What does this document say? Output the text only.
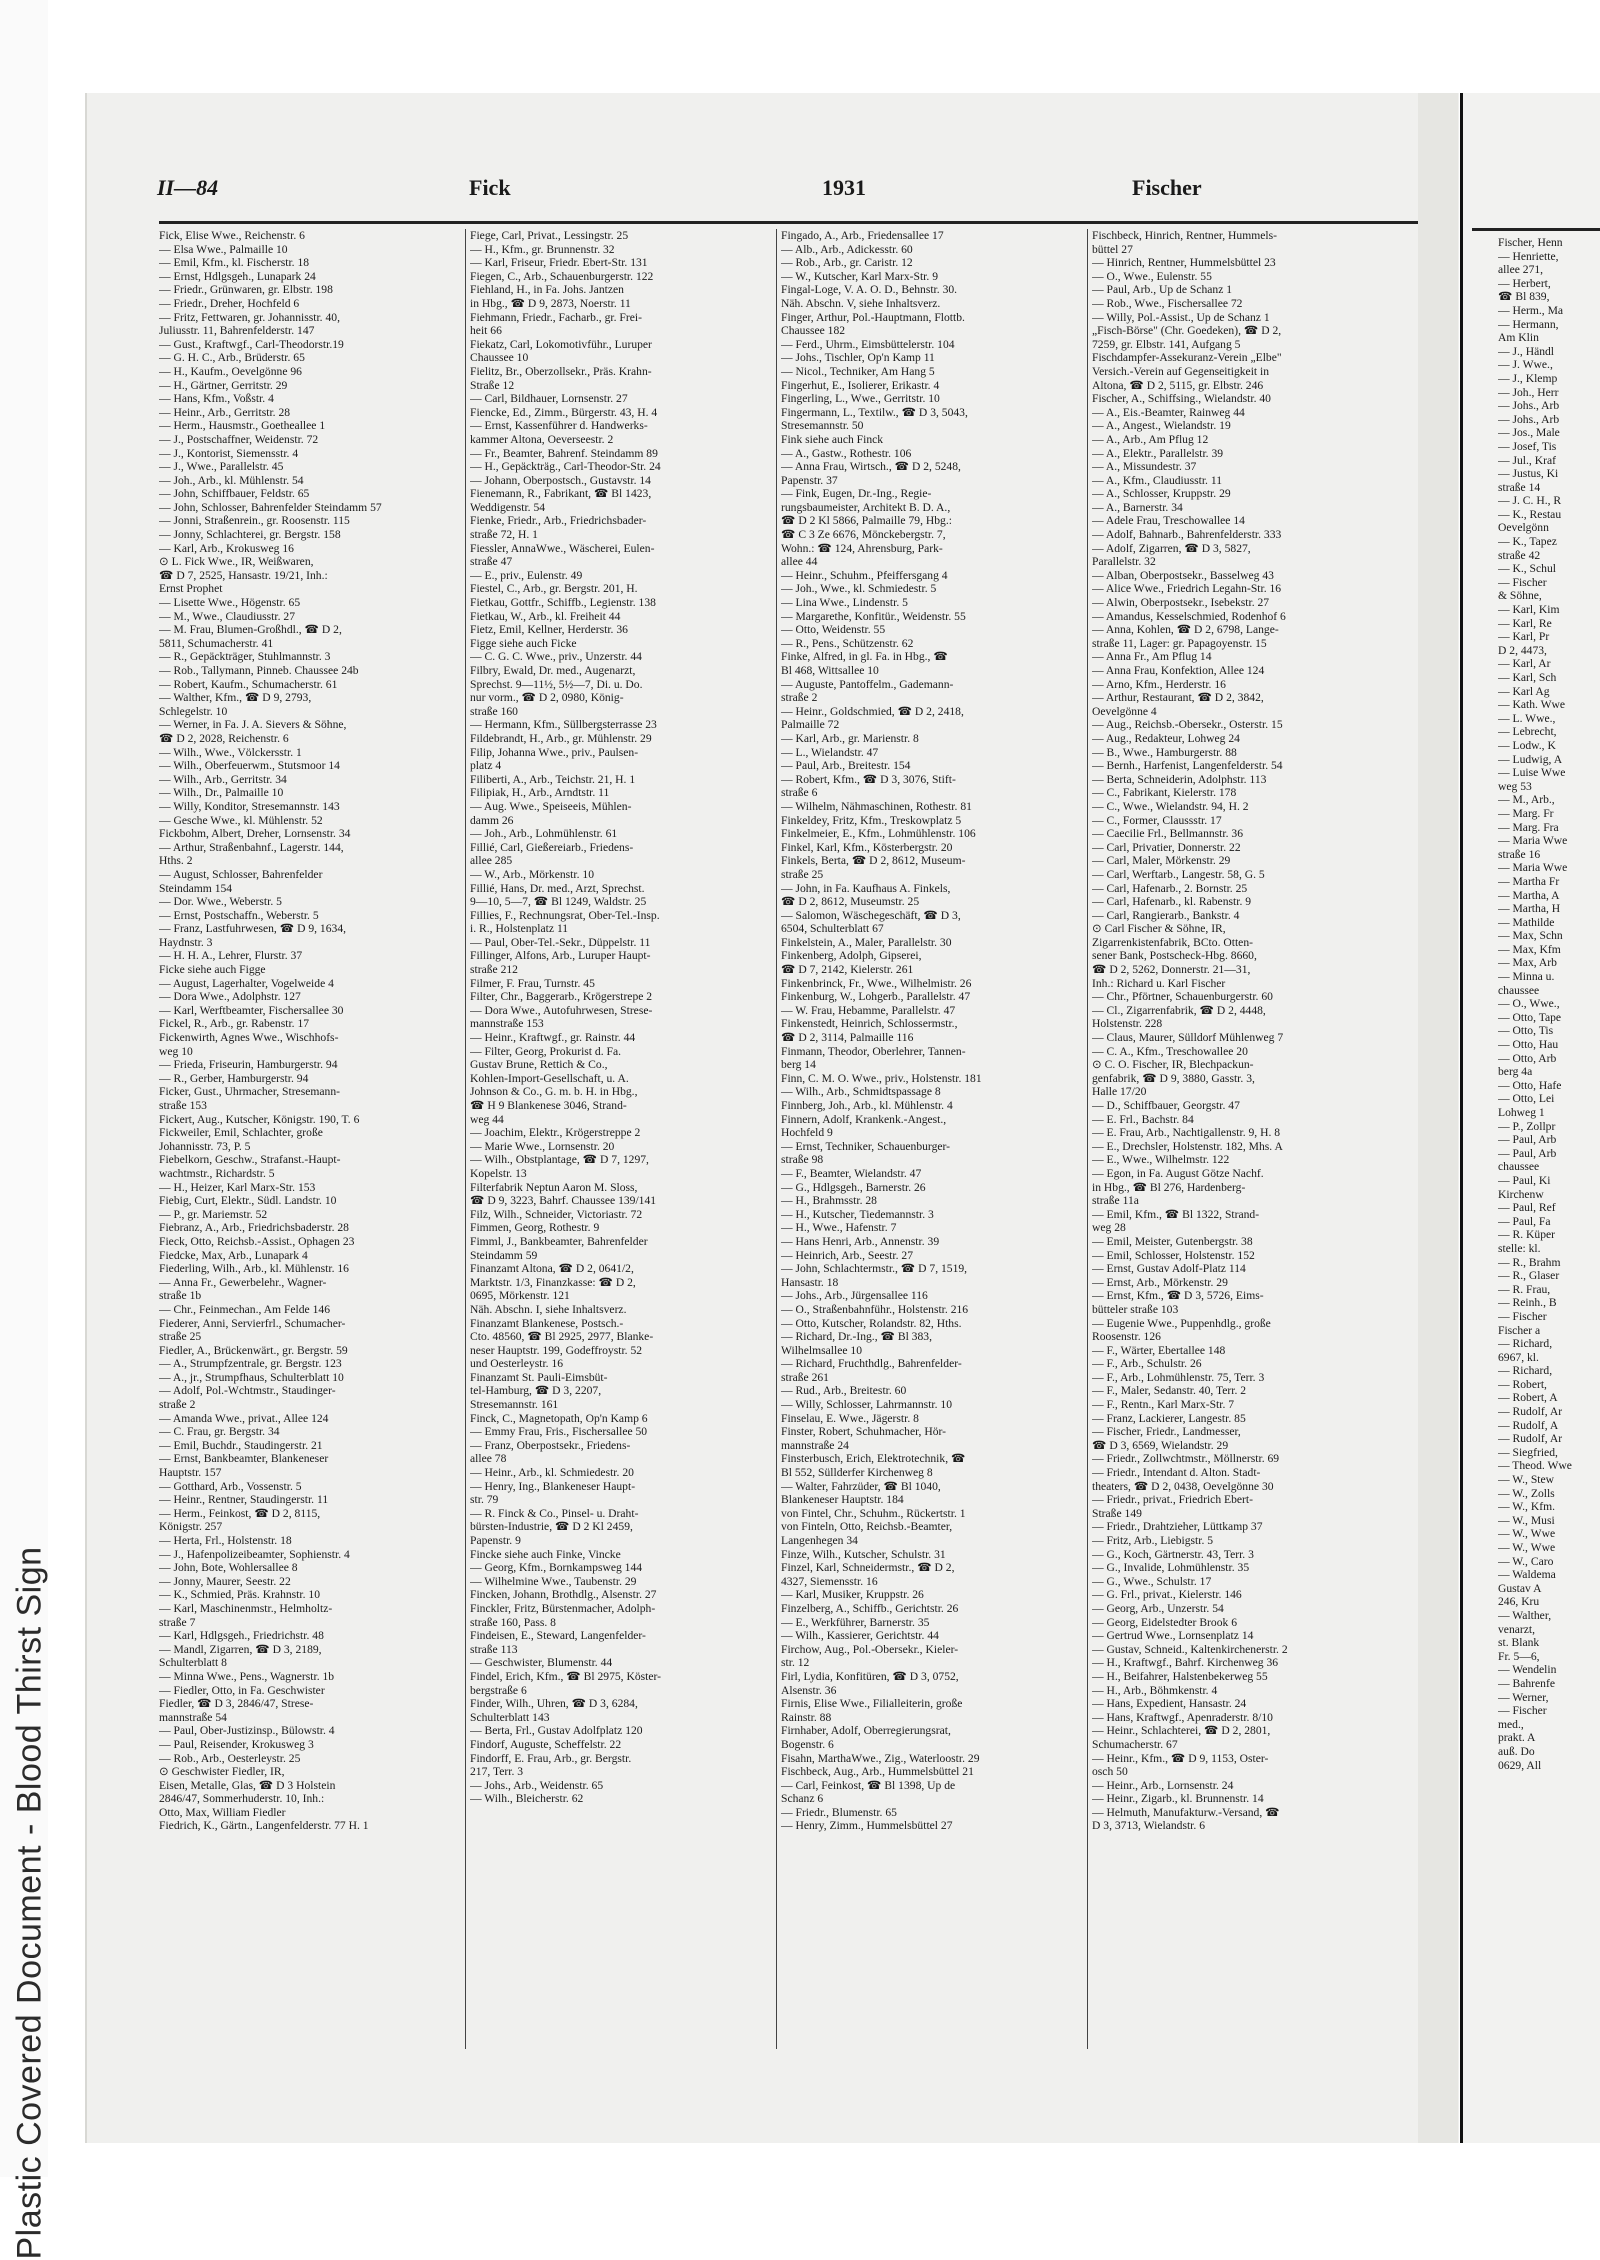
Plastic Covered Document - Blood Thirst Sign
II—84	Fick	1931	Fischer
Fick, Elise Wwe., Reichenstr. 6
— Elsa Wwe., Palmaille 10
— Emil, Kfm., kl. Fischerstr. 18
— Ernst, Hdlgsgeh., Lunapark 24
— Friedr., Grünwaren, gr. Elbstr. 198
— Friedr., Dreher, Hochfeld 6
— Fritz, Fettwaren, gr. Johannisstr. 40,
Juliusstr. 11, Bahrenfelderstr. 147
— Gust., Kraftwgf., Carl-Theodorstr.19
— G. H. C., Arb., Brüderstr. 65
— H., Kaufm., Oevelgönne 96
— H., Gärtner, Gerritstr. 29
— Hans, Kfm., Voßstr. 4
— Heinr., Arb., Gerritstr. 28
— Herm., Hausmstr., Goetheallee 1
— J., Postschaffner, Weidenstr. 72
— J., Kontorist, Siemensstr. 4
— J., Wwe., Parallelstr. 45
— Joh., Arb., kl. Mühlenstr. 54
— John, Schiffbauer, Feldstr. 65
— John, Schlosser, Bahrenfelder Steindamm 57
— Jonni, Straßenrein., gr. Roosenstr. 115
— Jonny, Schlachterei, gr. Bergstr. 158
— Karl, Arb., Krokusweg 16
⊙ L. Fick Wwe., IR, Weißwaren,
☎ D 7, 2525, Hansastr. 19/21, Inh.:
Ernst Prophet
— Lisette Wwe., Högenstr. 65
— M., Wwe., Claudiusstr. 27
— M. Frau, Blumen-Großhdl., ☎ D 2,
5811, Schumacherstr. 41
— R., Gepäckträger, Stuhlmannstr. 3
— Rob., Tallymann, Pinneb. Chaussee 24b
— Robert, Kaufm., Schumacherstr. 61
— Walther, Kfm., ☎ D 9, 2793,
Schlegelstr. 10
— Werner, in Fa. J. A. Sievers & Söhne,
☎ D 2, 2028, Reichenstr. 6
— Wilh., Wwe., Völckersstr. 1
— Wilh., Oberfeuerwm., Stutsmoor 14
— Wilh., Arb., Gerritstr. 34
— Wilh., Dr., Palmaille 10
— Willy, Konditor, Stresemannstr. 143
— Gesche Wwe., kl. Mühlenstr. 52
Fickbohm, Albert, Dreher, Lornsenstr. 34
— Arthur, Straßenbahnf., Lagerstr. 144,
Hths. 2
— August, Schlosser, Bahrenfelder
Steindamm 154
— Dor. Wwe., Weberstr. 5
— Ernst, Postschaffn., Weberstr. 5
— Franz, Lastfuhrwesen, ☎ D 9, 1634,
Haydnstr. 3
— H. H. A., Lehrer, Flurstr. 37
Ficke siehe auch Figge
— August, Lagerhalter, Vogelweide 4
— Dora Wwe., Adolphstr. 127
— Karl, Werftbeamter, Fischersallee 30
Fickel, R., Arb., gr. Rabenstr. 17
Fickenwirth, Agnes Wwe., Wischhofs-
weg 10
— Frieda, Friseurin, Hamburgerstr. 94
— R., Gerber, Hamburgerstr. 94
Ficker, Gust., Uhrmacher, Stresemann-
straße 153
Fickert, Aug., Kutscher, Königstr. 190, T. 6
Fickweiler, Emil, Schlachter, große
Johannisstr. 73, P. 5
Fiebelkorn, Geschw., Strafanst.-Haupt-
wachtmstr., Richardstr. 5
— H., Heizer, Karl Marx-Str. 153
Fiebig, Curt, Elektr., Südl. Landstr. 10
— P., gr. Mariemstr. 52
Fiebranz, A., Arb., Friedrichsbaderstr. 28
Fieck, Otto, Reichsb.-Assist., Ophagen 23
Fiedcke, Max, Arb., Lunapark 4
Fiederling, Wilh., Arb., kl. Mühlenstr. 16
— Anna Fr., Gewerbelehr., Wagner-
straße 1b
— Chr., Feinmechan., Am Felde 146
Fiederer, Anni, Servierfrl., Schumacher-
straße 25
Fiedler, A., Brückenwärt., gr. Bergstr. 59
— A., Strumpfzentrale, gr. Bergstr. 123
— A., jr., Strumpfhaus, Schulterblatt 10
— Adolf, Pol.-Wchtmstr., Staudinger-
straße 2
— Amanda Wwe., privat., Allee 124
— C. Frau, gr. Bergstr. 34
— Emil, Buchdr., Staudingerstr. 21
— Ernst, Bankbeamter, Blankeneser
Hauptstr. 157
— Gotthard, Arb., Vossenstr. 5
— Heinr., Rentner, Staudingerstr. 11
— Herm., Feinkost, ☎ D 2, 8115,
Königstr. 257
— Herta, Frl., Holstenstr. 18
— J., Hafenpolizeibeamter, Sophienstr. 4
— John, Bote, Wohlersallee 8
— Jonny, Maurer, Seestr. 22
— K., Schmied, Präs. Krahnstr. 10
— Karl, Maschinenmstr., Helmholtz-
straße 7
— Karl, Hdlgsgeh., Friedrichstr. 48
— Mandl, Zigarren, ☎ D 3, 2189,
Schulterblatt 8
— Minna Wwe., Pens., Wagnerstr. 1b
— Fiedler, Otto, in Fa. Geschwister
Fiedler, ☎ D 3, 2846/47, Strese-
mannstraße 54
— Paul, Ober-Justizinsp., Bülowstr. 4
— Paul, Reisender, Krokusweg 3
— Rob., Arb., Oesterleystr. 25
⊙ Geschwister Fiedler, IR,
Eisen, Metalle, Glas, ☎ D 3 Holstein
2846/47, Sommerhuderstr. 10, Inh.:
Otto, Max, William Fiedler
Fiedrich, K., Gärtn., Langenfelderstr. 77 H. 1
Fiege, Carl, Privat., Lessingstr. 25
— H., Kfm., gr. Brunnenstr. 32
— Karl, Friseur, Friedr. Ebert-Str. 131
Fiegen, C., Arb., Schauenburgerstr. 122
Fiehland, H., in Fa. Johs. Jantzen
in Hbg., ☎ D 9, 2873, Noerstr. 11
Fiehmann, Friedr., Facharb., gr. Frei-
heit 66
Fiekatz, Carl, Lokomotivführ., Luruper
Chaussee 10
Fielitz, Br., Oberzollsekr., Präs. Krahn-
Straße 12
— Carl, Bildhauer, Lornsenstr. 27
Fiencke, Ed., Zimm., Bürgerstr. 43, H. 4
— Ernst, Kassenführer d. Handwerks-
kammer Altona, Oeverseestr. 2
— Fr., Beamter, Bahrenf. Steindamm 89
— H., Gepäckträg., Carl-Theodor-Str. 24
— Johann, Oberpostsch., Gustavstr. 14
Fienemann, R., Fabrikant, ☎ Bl 1423,
Weddigenstr. 54
Fienke, Friedr., Arb., Friedrichsbader-
straße 72, H. 1
Fiessler, AnnaWwe., Wäscherei, Eulen-
straße 47
— E., priv., Eulenstr. 49
Fiestel, C., Arb., gr. Bergstr. 201, H.
Fietkau, Gottfr., Schiffb., Legienstr. 138
Fietkau, W., Arb., kl. Freiheit 44
Fietz, Emil, Kellner, Herderstr. 36
Figge siehe auch Ficke
— C. G. C. Wwe., priv., Unzerstr. 44
Filbry, Ewald, Dr. med., Augenarzt,
Sprechst. 9—11½, 5½—7, Di. u. Do.
nur vorm., ☎ D 2, 0980, König-
straße 160
— Hermann, Kfm., Süllbergsterrasse 23
Fildebrandt, H., Arb., gr. Mühlenstr. 29
Filip, Johanna Wwe., priv., Paulsen-
platz 4
Filiberti, A., Arb., Teichstr. 21, H. 1
Filipiak, H., Arb., Arndtstr. 11
— Aug. Wwe., Speiseeis, Mühlen-
damm 26
— Joh., Arb., Lohmühlenstr. 61
Fillié, Carl, Gießereiarb., Friedens-
allee 285
— W., Arb., Mörkenstr. 10
Fillié, Hans, Dr. med., Arzt, Sprechst.
9—10, 5—7, ☎ Bl 1249, Waldstr. 25
Fillies, F., Rechnungsrat, Ober-Tel.-Insp.
i. R., Holstenplatz 11
— Paul, Ober-Tel.-Sekr., Düppelstr. 11
Fillinger, Alfons, Arb., Luruper Haupt-
straße 212
Filmer, F. Frau, Turnstr. 45
Filter, Chr., Baggerarb., Krögerstrepe 2
— Dora Wwe., Autofuhrwesen, Strese-
mannstraße 153
— Heinr., Kraftwgf., gr. Rainstr. 44
— Filter, Georg, Prokurist d. Fa.
Gustav Brune, Rettich & Co.,
Kohlen-Import-Gesellschaft, u. A.
Johnson & Co., G. m. b. H. in Hbg.,
☎ H 9 Blankenese 3046, Strand-
weg 44
— Joachim, Elektr., Krögerstreppe 2
— Marie Wwe., Lornsenstr. 20
— Wilh., Obstplantage, ☎ D 7, 1297,
Kopelstr. 13
Filterfabrik Neptun Aaron M. Sloss,
☎ D 9, 3223, Bahrf. Chaussee 139/141
Filz, Wilh., Schneider, Victoriastr. 72
Fimmen, Georg, Rothestr. 9
Fimml, J., Bankbeamter, Bahrenfelder
Steindamm 59
Finanzamt Altona, ☎ D 2, 0641/2,
Marktstr. 1/3, Finanzkasse: ☎ D 2,
0695, Mörkenstr. 121
Näh. Abschn. I, siehe Inhaltsverz.
Finanzamt Blankenese, Postsch.-
Cto. 48560, ☎ Bl 2925, 2977, Blanke-
neser Hauptstr. 199, Godeffroystr. 52
und Oesterleystr. 16
Finanzamt St. Pauli-Eimsbüt-
tel-Hamburg, ☎ D 3, 2207,
Stresemannstr. 161
Finck, C., Magnetopath, Op'n Kamp 6
— Emmy Frau, Fris., Fischersallee 50
— Franz, Oberpostsekr., Friedens-
allee 78
— Heinr., Arb., kl. Schmiedestr. 20
— Henry, Ing., Blankeneser Haupt-
str. 79
— R. Finck & Co., Pinsel- u. Draht-
bürsten-Industrie, ☎ D 2 Kl 2459,
Papenstr. 9
Fincke siehe auch Finke, Vincke
— Georg, Kfm., Bornkampsweg 144
— Wilhelmine Wwe., Taubenstr. 29
Fincken, Johann, Brothdlg., Alsenstr. 27
Finckler, Fritz, Bürstenmacher, Adolph-
straße 160, Pass. 8
Findeisen, E., Steward, Langenfelder-
straße 113
— Geschwister, Blumenstr. 44
Findel, Erich, Kfm., ☎ Bl 2975, Köster-
bergstraße 6
Finder, Wilh., Uhren, ☎ D 3, 6284,
Schulterblatt 143
— Berta, Frl., Gustav Adolfplatz 120
Findorf, Auguste, Scheffelstr. 22
Findorff, E. Frau, Arb., gr. Bergstr.
217, Terr. 3
— Johs., Arb., Weidenstr. 65
— Wilh., Bleicherstr. 62
Fingado, A., Arb., Friedensallee 17
— Alb., Arb., Adickesstr. 60
— Rob., Arb., gr. Caristr. 12
— W., Kutscher, Karl Marx-Str. 9
Fingal-Loge, V. A. O. D., Behnstr. 30.
Näh. Abschn. V, siehe Inhaltsverz.
Finger, Arthur, Pol.-Hauptmann, Flottb.
Chaussee 182
— Ferd., Uhrm., Eimsbüttelerstr. 104
— Johs., Tischler, Op'n Kamp 11
— Nicol., Techniker, Am Hang 5
Fingerhut, E., Isolierer, Erikastr. 4
Fingerling, L., Wwe., Gerritstr. 10
Fingermann, L., Textilw., ☎ D 3, 5043,
Stresemannstr. 50
Fink siehe auch Finck
— A., Gastw., Rothestr. 106
— Anna Frau, Wirtsch., ☎ D 2, 5248,
Papenstr. 37
— Fink, Eugen, Dr.-Ing., Regie-
rungsbaumeister, Architekt B. D. A.,
☎ D 2 Kl 5866, Palmaille 79, Hbg.:
☎ C 3 Ze 6676, Mönckebergstr. 7,
Wohn.: ☎ 124, Ahrensburg, Park-
allee 44
— Heinr., Schuhm., Pfeiffersgang 4
— Joh., Wwe., kl. Schmiedestr. 5
— Lina Wwe., Lindenstr. 5
— Margarethe, Konfitür., Weidenstr. 55
— Otto, Weidenstr. 55
— R., Pens., Schützenstr. 62
Finke, Alfred, in gl. Fa. in Hbg., ☎
Bl 468, Wittsallee 10
— Auguste, Pantoffelm., Gademann-
straße 2
— Heinr., Goldschmied, ☎ D 2, 2418,
Palmaille 72
— Karl, Arb., gr. Marienstr. 8
— L., Wielandstr. 47
— Paul, Arb., Breitestr. 154
— Robert, Kfm., ☎ D 3, 3076, Stift-
straße 6
— Wilhelm, Nähmaschinen, Rothestr. 81
Finkeldey, Fritz, Kfm., Treskowplatz 5
Finkelmeier, E., Kfm., Lohmühlenstr. 106
Finkel, Karl, Kfm., Kösterbergstr. 20
Finkels, Berta, ☎ D 2, 8612, Museum-
straße 25
— John, in Fa. Kaufhaus A. Finkels,
☎ D 2, 8612, Museumstr. 25
— Salomon, Wäschegeschäft, ☎ D 3,
6504, Schulterblatt 67
Finkelstein, A., Maler, Parallelstr. 30
Finkenberg, Adolph, Gipserei,
☎ D 7, 2142, Kielerstr. 261
Finkenbrinck, Fr., Wwe., Wilhelmistr. 26
Finkenburg, W., Lohgerb., Parallelstr. 47
— W. Frau, Hebamme, Parallelstr. 47
Finkenstedt, Heinrich, Schlossermstr.,
☎ D 2, 3114, Palmaille 116
Finmann, Theodor, Oberlehrer, Tannen-
berg 14
Finn, C. M. O. Wwe., priv., Holstenstr. 181
— Wilh., Arb., Schmidtspassage 8
Finnberg, Joh., Arb., kl. Mühlenstr. 4
Finnern, Adolf, Krankenk.-Angest.,
Hochfeld 9
— Ernst, Techniker, Schauenburger-
straße 98
— F., Beamter, Wielandstr. 47
— G., Hdlgsgeh., Barnerstr. 26
— H., Brahmsstr. 28
— H., Kutscher, Tiedemannstr. 3
— H., Wwe., Hafenstr. 7
— Hans Henri, Arb., Annenstr. 39
— Heinrich, Arb., Seestr. 27
— John, Schlachtermstr., ☎ D 7, 1519,
Hansastr. 18
— Johs., Arb., Jürgensallee 116
— O., Straßenbahnführ., Holstenstr. 216
— Otto, Kutscher, Rolandstr. 82, Hths.
— Richard, Dr.-Ing., ☎ Bl 383,
Wilhelmsallee 10
— Richard, Fruchthdlg., Bahrenfelder-
straße 261
— Rud., Arb., Breitestr. 60
— Willy, Schlosser, Lahrmannstr. 10
Finselau, E. Wwe., Jägerstr. 8
Finster, Robert, Schuhmacher, Hör-
mannstraße 24
Finsterbusch, Erich, Elektrotechnik, ☎
Bl 552, Süllderfer Kirchenweg 8
— Walter, Fahrzüder, ☎ Bl 1040,
Blankeneser Hauptstr. 184
von Fintel, Chr., Schuhm., Rückertstr. 1
von Finteln, Otto, Reichsb.-Beamter,
Langenhegen 34
Finze, Wilh., Kutscher, Schulstr. 31
Finzel, Karl, Schneidermstr., ☎ D 2,
4327, Siemensstr. 16
— Karl, Musiker, Kruppstr. 26
Finzelberg, A., Schiffb., Gerichtstr. 26
— E., Werkführer, Barnerstr. 35
— Wilh., Kassierer, Gerichtstr. 44
Firchow, Aug., Pol.-Obersekr., Kieler-
str. 12
Firl, Lydia, Konfitüren, ☎ D 3, 0752,
Alsenstr. 36
Firnis, Elise Wwe., Filialleiterin, große
Rainstr. 88
Firnhaber, Adolf, Oberregierungsrat,
Bogenstr. 6
Fisahn, MarthaWwe., Zig., Waterloostr. 29
Fischbeck, Aug., Arb., Hummelsbüttel 21
— Carl, Feinkost, ☎ Bl 1398, Up de
Schanz 6
— Friedr., Blumenstr. 65
— Henry, Zimm., Hummelsbüttel 27
Fischbeck, Hinrich, Rentner, Hummels-
büttel 27
— Hinrich, Rentner, Hummelsbüttel 23
— O., Wwe., Eulenstr. 55
— Paul, Arb., Up de Schanz 1
— Rob., Wwe., Fischersallee 72
— Willy, Pol.-Assist., Up de Schanz 1
„Fisch-Börse" (Chr. Goedeken), ☎ D 2,
7259, gr. Elbstr. 141, Aufgang 5
Fischdampfer-Assekuranz-Verein „Elbe"
Versich.-Verein auf Gegenseitigkeit in
Altona, ☎ D 2, 5115, gr. Elbstr. 246
Fischer, A., Schiffsing., Wielandstr. 40
— A., Eis.-Beamter, Rainweg 44
— A., Angest., Wielandstr. 19
— A., Arb., Am Pflug 12
— A., Elektr., Parallelstr. 39
— A., Missundestr. 37
— A., Kfm., Claudiusstr. 11
— A., Schlosser, Kruppstr. 29
— A., Barnerstr. 34
— Adele Frau, Treschowallee 14
— Adolf, Bahnarb., Bahrenfelderstr. 333
— Adolf, Zigarren, ☎ D 3, 5827,
Parallelstr. 32
— Alban, Oberpostsekr., Basselweg 43
— Alice Wwe., Friedrich Legahn-Str. 16
— Alwin, Oberpostsekr., Isebekstr. 27
— Amandus, Kesselschmied, Rodenhof 6
— Anna, Kohlen, ☎ D 2, 6798, Lange-
straße 11, Lager: gr. Papagoyenstr. 15
— Anna Fr., Am Pflug 14
— Anna Frau, Konfektion, Allee 124
— Arno, Kfm., Herderstr. 16
— Arthur, Restaurant, ☎ D 2, 3842,
Oevelgönne 4
— Aug., Reichsb.-Obersekr., Osterstr. 15
— Aug., Redakteur, Lohweg 24
— B., Wwe., Hamburgerstr. 88
— Bernh., Harfenist, Langenfelderstr. 54
— Berta, Schneiderin, Adolphstr. 113
— C., Fabrikant, Kielerstr. 178
— C., Wwe., Wielandstr. 94, H. 2
— C., Former, Claussstr. 17
— Caecilie Frl., Bellmannstr. 36
— Carl, Privatier, Donnerstr. 22
— Carl, Maler, Mörkenstr. 29
— Carl, Werftarb., Langestr. 58, G. 5
— Carl, Hafenarb., 2. Bornstr. 25
— Carl, Hafenarb., kl. Rabenstr. 9
— Carl, Rangierarb., Bankstr. 4
⊙ Carl Fischer & Söhne, IR,
Zigarrenkistenfabrik, BCto. Otten-
sener Bank, Postscheck-Hbg. 8660,
☎ D 2, 5262, Donnerstr. 21—31,
Inh.: Richard u. Karl Fischer
— Chr., Pförtner, Schauenburgerstr. 60
— Cl., Zigarrenfabrik, ☎ D 2, 4448,
Holstenstr. 228
— Claus, Maurer, Sülldorf Mühlenweg 7
— C. A., Kfm., Treschowallee 20
⊙ C. O. Fischer, IR, Blechpackun-
genfabrik, ☎ D 9, 3880, Gasstr. 3,
Halle 17/20
— D., Schiffbauer, Georgstr. 47
— E. Frl., Bachstr. 84
— E. Frau, Arb., Nachtigallenstr. 9, H. 8
— E., Drechsler, Holstenstr. 182, Mhs. A
— E., Wwe., Wilhelmstr. 122
— Egon, in Fa. August Götze Nachf.
in Hbg., ☎ Bl 276, Hardenberg-
straße 11a
— Emil, Kfm., ☎ Bl 1322, Strand-
weg 28
— Emil, Meister, Gutenbergstr. 38
— Emil, Schlosser, Holstenstr. 152
— Ernst, Gustav Adolf-Platz 114
— Ernst, Arb., Mörkenstr. 29
— Ernst, Kfm., ☎ D 3, 5726, Eims-
bütteler straße 103
— Eugenie Wwe., Puppenhdlg., große
Roosenstr. 126
— F., Wärter, Ebertallee 148
— F., Arb., Schulstr. 26
— F., Arb., Lohmühlenstr. 75, Terr. 3
— F., Maler, Sedanstr. 40, Terr. 2
— F., Rentn., Karl Marx-Str. 7
— Franz, Lackierer, Langestr. 85
— Fischer, Friedr., Landmesser,
☎ D 3, 6569, Wielandstr. 29
— Friedr., Zollwchtmstr., Möllnerstr. 69
— Friedr., Intendant d. Alton. Stadt-
theaters, ☎ D 2, 0438, Oevelgönne 30
— Friedr., privat., Friedrich Ebert-
Straße 149
— Friedr., Drahtzieher, Lüttkamp 37
— Fritz, Arb., Liebigstr. 5
— G., Koch, Gärtnerstr. 43, Terr. 3
— G., Invalide, Lohmühlenstr. 35
— G., Wwe., Schulstr. 17
— G. Frl., privat., Kielerstr. 146
— Georg, Arb., Unzerstr. 54
— Georg, Eidelstedter Brook 6
— Gertrud Wwe., Lornsenplatz 14
— Gustav, Schneid., Kaltenkirchenerstr. 2
— H., Kraftwgf., Bahrf. Kirchenweg 36
— H., Beifahrer, Halstenbekerweg 55
— H., Arb., Böhmkenstr. 4
— Hans, Expedient, Hansastr. 24
— Hans, Kraftwgf., Apenraderstr. 8/10
— Heinr., Schlachterei, ☎ D 2, 2801,
Schumacherstr. 67
— Heinr., Kfm., ☎ D 9, 1153, Oster-
osch 50
— Heinr., Arb., Lornsenstr. 24
— Heinr., Zigarb., kl. Brunnenstr. 14
— Helmuth, Manufakturw.-Versand, ☎
D 3, 3713, Wielandstr. 6
Fischer, Henn
— Henriette,
allee 271,
— Herbert,
☎ Bl 839,
— Herm., Ma
— Hermann,
Am Klin
— J., Händl
— J. Wwe.,
— J., Klemp
— Joh., Herr
— Johs., Arb
— Johs., Arb
— Jos., Male
— Josef, Tis
— Jul., Kraf
— Justus, Ki
straße 14
— J. C. H., R
— K., Restau
Oevelgönn
— K., Tapez
straße 42
— K., Schul
— Fischer
& Söhne,
— Karl, Kim
— Karl, Re
— Karl, Pr
D 2, 4473,
— Karl, Ar
— Karl, Sch
— Karl Ag
— Kath. Wwe
— L. Wwe.,
— Lebrecht,
— Lodw., K
— Ludwig, A
— Luise Wwe
weg 53
— M., Arb.,
— Marg. Fr
— Marg. Fra
— Maria Wwe
straße 16
— Maria Wwe
— Martha Fr
— Martha, A
— Martha, H
— Mathilde
— Max, Schn
— Max, Kfm
— Max, Arb
— Minna u.
chaussee
— O., Wwe.,
— Otto, Tape
— Otto, Tis
— Otto, Hau
— Otto, Arb
berg 4a
— Otto, Hafe
— Otto, Lei
Lohweg 1
— P., Zollpr
— Paul, Arb
— Paul, Arb
chaussee
— Paul, Ki
Kirchenw
— Paul, Ref
— Paul, Fa
— R. Küper
stelle: kl.
— R., Brahm
— R., Glaser
— R. Frau,
— Reinh., B
— Fischer
Fischer a
— Richard,
6967, kl.
— Richard,
— Robert,
— Robert, A
— Rudolf, Ar
— Rudolf, A
— Rudolf, Ar
— Siegfried,
— Theod. Wwe
— W., Stew
— W., Zolls
— W., Kfm.
— W., Musi
— W., Wwe
— W., Wwe
— W., Caro
— Waldema
Gustav A
246, Kru
— Walther,
venarzt,
st. Blank
Fr. 5—6,
— Wendelin
— Bahrenfe
— Werner,
— Fischer
med.,
prakt. A
auß. Do
0629, All
